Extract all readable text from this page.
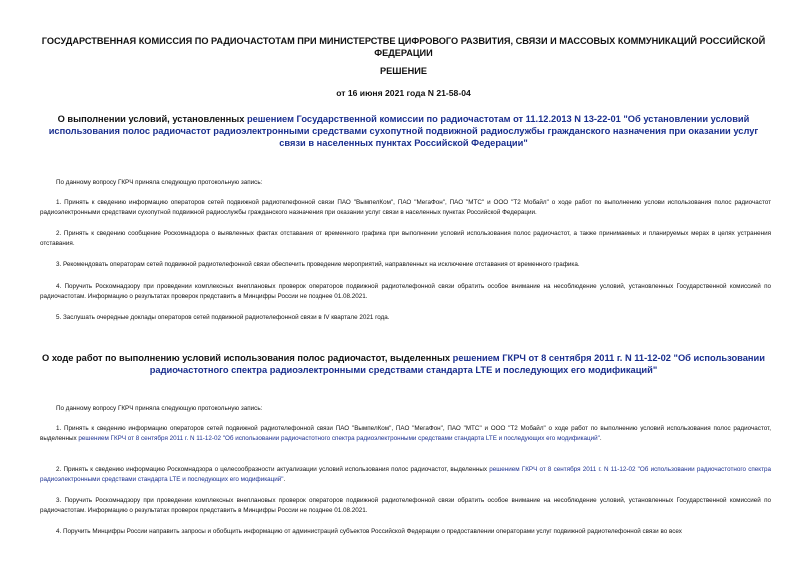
ГОСУДАРСТВЕННАЯ КОМИССИЯ ПО РАДИОЧАСТОТАМ ПРИ МИНИСТЕРСТВЕ ЦИФРОВОГО РАЗВИТИЯ, СВЯЗИ И МАССОВЫХ КОММУНИКАЦИЙ РОССИЙСКОЙ ФЕДЕРАЦИИ
РЕШЕНИЕ
от 16 июня 2021 года N 21-58-04
О выполнении условий, установленных решением Государственной комиссии по радиочастотам от 11.12.2013 N 13-22-01 "Об установлении условий использования полос радиочастот радиоэлектронными средствами сухопутной подвижной радиослужбы гражданского назначения при оказании услуг связи в населенных пунктах Российской Федерации"
По данному вопросу ГКРЧ приняла следующую протокольную запись:
1. Принять к сведению информацию операторов сетей подвижной радиотелефонной связи ПАО "ВымпелКом", ПАО "МегаФон", ПАО "МТС" и ООО "Т2 Мобайл" о ходе работ по выполнению услови использования полос радиочастот радиоэлектронными средствами сухопутной подвижной радиослужбы гражданского назначения при оказании услуг связи в населенных пунктах Российской Федерации.
2. Принять к сведению сообщение Роскомнадзора о выявленных фактах отставания от временного графика при выполнении условий использования полос радиочастот, а также принимаемых и планируемых мерах в целях устранения отставания.
3. Рекомендовать операторам сетей подвижной радиотелефонной связи обеспечить проведение мероприятий, направленных на исключение отставания от временного графика.
4. Поручить Роскомнадзору при проведении комплексных внеплановых проверок операторов подвижной радиотелефонной связи обратить особое внимание на несоблюдение условий, установленных Государственной комиссией по радиочастотам. Информацию о результатах проверок представить в Минцифры России не позднее 01.08.2021.
5. Заслушать очередные доклады операторов сетей подвижной радиотелефонной связи в IV квартале 2021 года.
О ходе работ по выполнению условий использования полос радиочастот, выделенных решением ГКРЧ от 8 сентября 2011 г. N 11-12-02 "Об использовании радиочастотного спектра радиоэлектронными средствами стандарта LTE и последующих его модификаций"
По данному вопросу ГКРЧ приняла следующую протокольную запись:
1. Принять к сведению информацию операторов сетей подвижной радиотелефонной связи ПАО "ВымпелКом", ПАО "МегаФон", ПАО "МТС" и ООО "Т2 Мобайл" о ходе работ по выполнению условий использования полос радиочастот, выделенных решением ГКРЧ от 8 сентября 2011 г. N 11-12-02 "Об использовании радиочастотного спектра радиоэлектронными средствами стандарта LTE и последующих его модификаций".
2. Принять к сведению информацию Роскомнадзора о целесообразности актуализации условий использования полос радиочастот, выделенных решением ГКРЧ от 8 сентября 2011 г. N 11-12-02 "Об использовании радиочастотного спектра радиоэлектронными средствами стандарта LTE и последующих его модификаций".
3. Поручить Роскомнадзору при проведении комплексных внеплановых проверок операторов подвижной радиотелефонной связи обратить особое внимание на несоблюдение условий, установленных Государственной комиссией по радиочастотам. Информацию о результатах проверок представить в Минцифры России не позднее 01.08.2021.
4. Поручить Минцифры России направить запросы и обобщить информацию от администраций субъектов Российской Федерации о предоставлении операторами услуг подвижной радиотелефонной связи во всех
